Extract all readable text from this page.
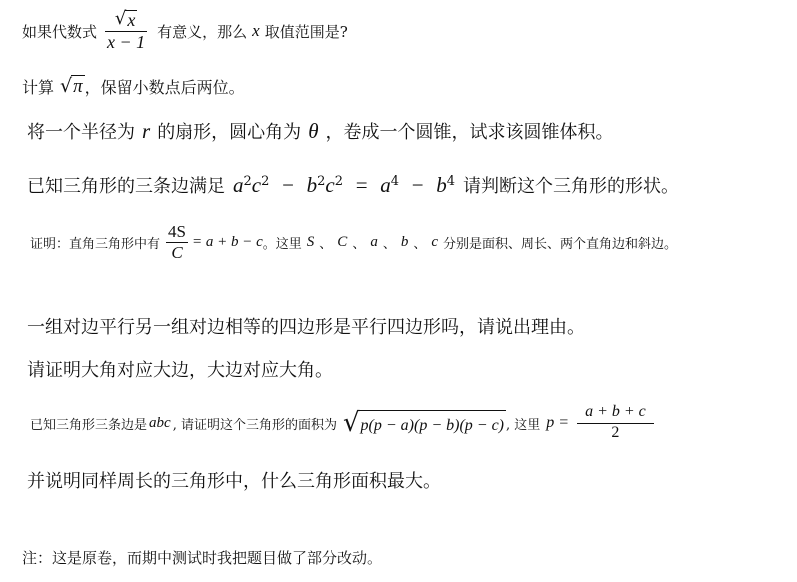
如果代数式 $\frac{√ x}{x - 1}$ 有意义，那么 x 取值范围是?
计算 √ π ，保留小数点后两位。
将一个半径为 r 的扇形，圆心角为 θ ，卷成一个圆锥，试求该圆锥体积。
已知三角形的三条边满足 $a^2c^2 - b^2c^2 = a^4 - b^4$ 请判断这个三角形的形状。
证明：直角三角形中有 $\frac{4S}{C} = a + b - c$ 。这里 S 、 C 、 a 、 b 、 c 分别是面积、周长、两个直角边和斜边。
一组对边平行另一组对边相等的四边形是平行四边形吗，请说出理由。
请证明大角对应大边，大边对应大角。
已知三角形三条边是 abc , 请证明这个三角形的面积为 √ p(p − a)(p − b)(p − c) , 这里 $p = \frac{a + b + c}{2}$
并说明同样周长的三角形中，什么三角形面积最大。
注：这是原卷，而期中测试时我把题目做了部分改动。
